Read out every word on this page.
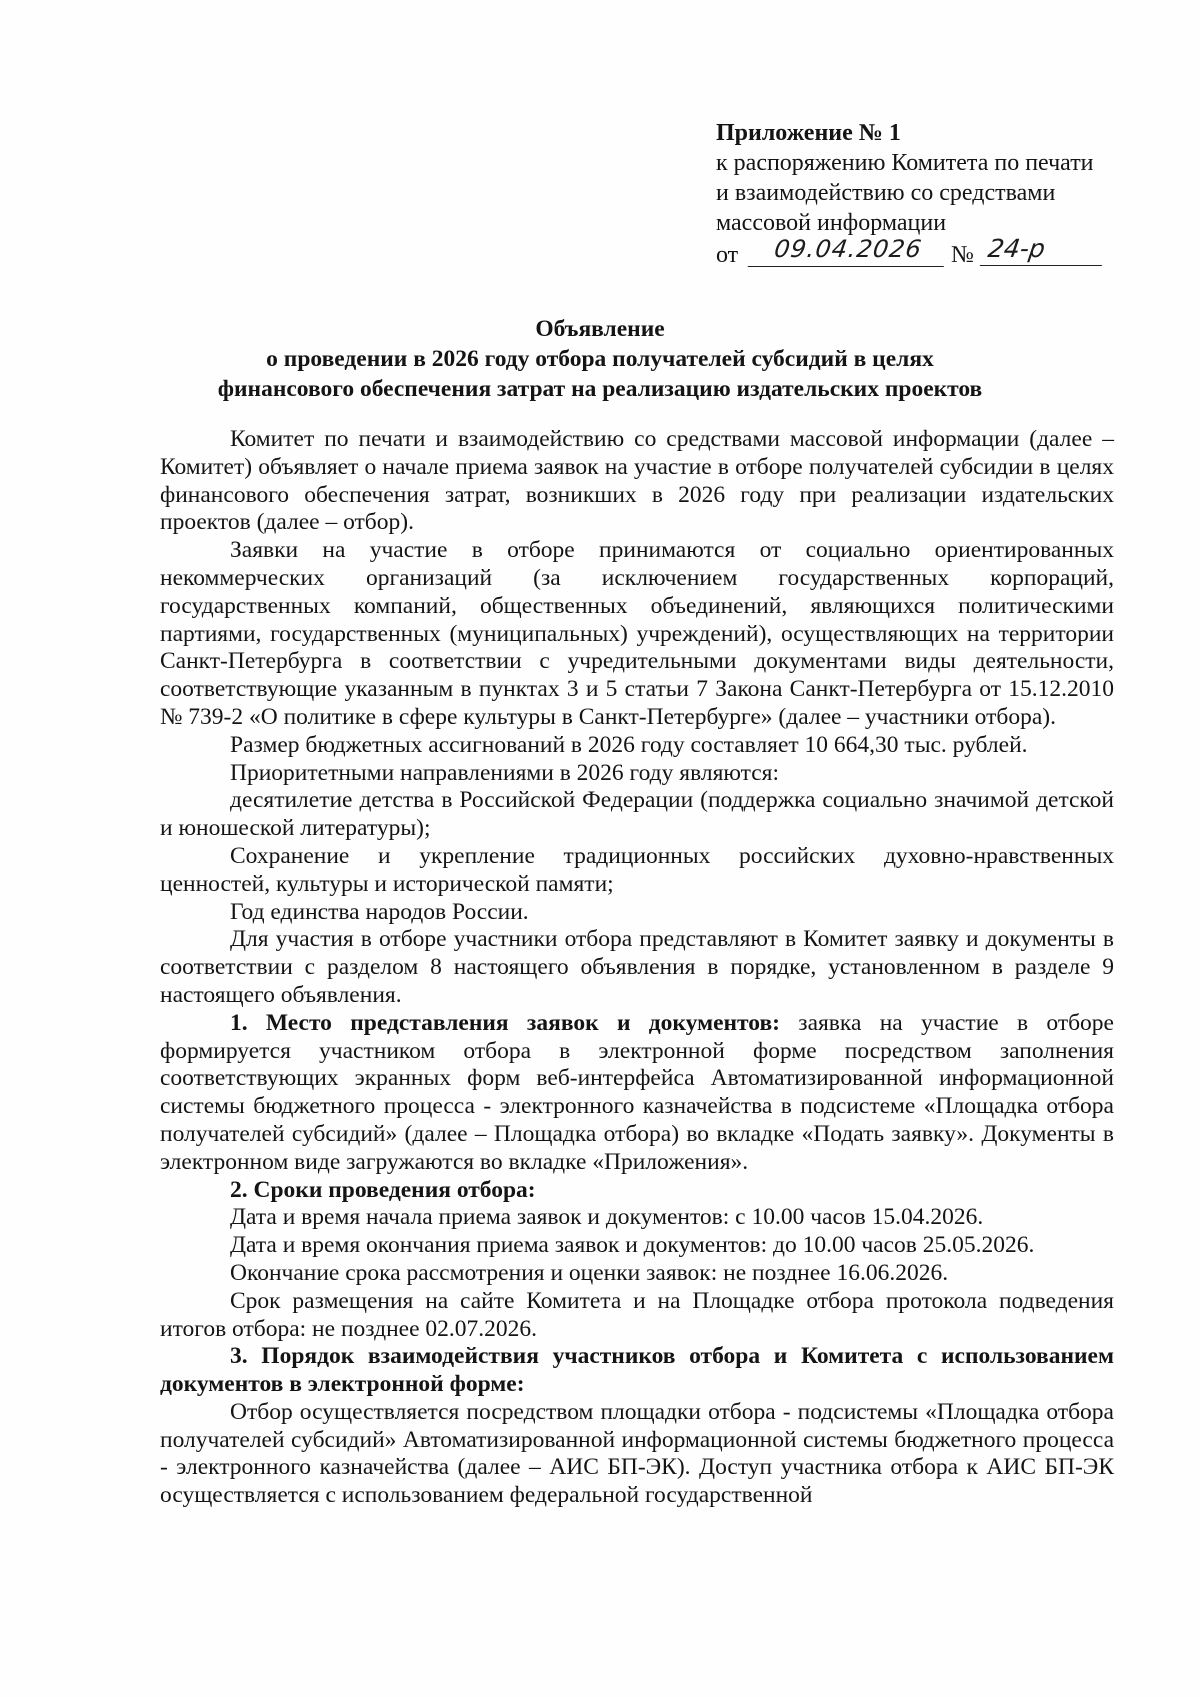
Приложение № 1
к распоряжению Комитета по печати
и взаимодействию со средствами
массовой информации
от	09.04.2026	№ 24-р
Объявление
о проведении в 2026 году отбора получателей субсидий в целях
финансового обеспечения затрат на реализацию издательских проектов

Комитет по печати и взаимодействию со средствами массовой информации (далее – Комитет) объявляет о начале приема заявок на участие в отборе получателей субсидии в целях финансового обеспечения затрат, возникших в 2026 году при реализации издательских проектов (далее – отбор).

Заявки на участие в отборе принимаются от социально ориентированных некоммерческих организаций (за исключением государственных корпораций, государственных компаний, общественных объединений, являющихся политическими партиями, государственных (муниципальных) учреждений), осуществляющих на территории Санкт-Петербурга в соответствии с учредительными документами виды деятельности, соответствующие указанным в пунктах 3 и 5 статьи 7 Закона Санкт-Петербурга от 15.12.2010 № 739-2 «О политике в сфере культуры в Санкт-Петербурге» (далее – участники отбора).

Размер бюджетных ассигнований в 2026 году составляет 10 664,30 тыс. рублей.

Приоритетными направлениями в 2026 году являются:

десятилетие детства в Российской Федерации (поддержка социально значимой детской и юношеской литературы);

Сохранение и укрепление традиционных российских духовно-нравственных ценностей, культуры и исторической памяти;

Год единства народов России.

Для участия в отборе участники отбора представляют в Комитет заявку и документы в соответствии с разделом 8 настоящего объявления в порядке, установленном в разделе 9 настоящего объявления.

1. Место представления заявок и документов: заявка на участие в отборе формируется участником отбора в электронной форме посредством заполнения соответствующих экранных форм веб-интерфейса Автоматизированной информационной системы бюджетного процесса - электронного казначейства в подсистеме «Площадка отбора получателей субсидий» (далее – Площадка отбора) во вкладке «Подать заявку». Документы в электронном виде загружаются во вкладке «Приложения».

2. Сроки проведения отбора:

Дата и время начала приема заявок и документов: с 10.00 часов 15.04.2026.

Дата и время окончания приема заявок и документов: до 10.00 часов 25.05.2026.

Окончание срока рассмотрения и оценки заявок: не позднее 16.06.2026.

Срок размещения на сайте Комитета и на Площадке отбора протокола подведения итогов отбора: не позднее 02.07.2026.

3. Порядок взаимодействия участников отбора и Комитета с использованием документов в электронной форме:

Отбор осуществляется посредством площадки отбора - подсистемы «Площадка отбора получателей субсидий» Автоматизированной информационной системы бюджетного процесса - электронного казначейства (далее – АИС БП-ЭК). Доступ участника отбора к АИС БП-ЭК осуществляется с использованием федеральной государственной
